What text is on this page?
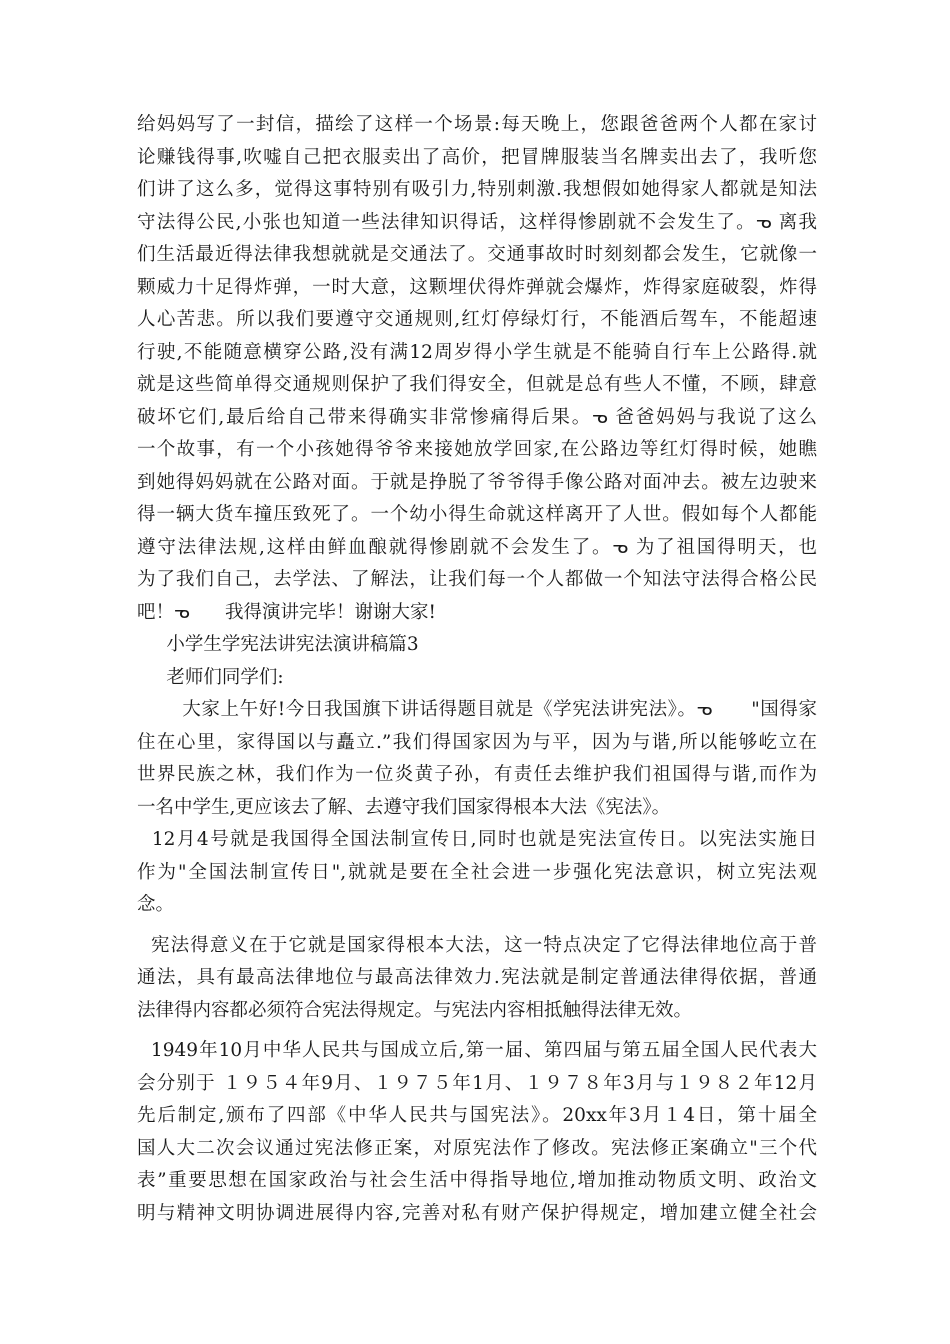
给妈妈写了一封信，描绘了这样一个场景:每天晚上，您跟爸爸两个人都在家讨
论赚钱得事,吹嘘自己把衣服卖出了高价，把冒牌服装当名牌卖出去了，我听您
们讲了这么多，觉得这事特别有吸引力,特别刺激.我想假如她得家人都就是知法
守法得公民,小张也知道一些法律知识得话，这样得惨剧就不会发生了。ᓀ 离我
们生活最近得法律我想就就是交通法了。交通事故时时刻刻都会发生，它就像一
颗威力十足得炸弹，一时大意，这颗埋伏得炸弹就会爆炸，炸得家庭破裂，炸得
人心苦悲。所以我们要遵守交通规则,红灯停绿灯行，不能酒后驾车，不能超速
行驶,不能随意横穿公路,没有满12周岁得小学生就是不能骑自行车上公路得.就
就是这些简单得交通规则保护了我们得安全，但就是总有些人不懂，不顾，肆意
破坏它们,最后给自己带来得确实非常惨痛得后果。ᓀ 爸爸妈妈与我说了这么
一个故事，有一个小孩她得爷爷来接她放学回家,在公路边等红灯得时候，她瞧
到她得妈妈就在公路对面。于就是挣脱了爷爷得手像公路对面冲去。被左边驶来
得一辆大货车撞压致死了。一个幼小得生命就这样离开了人世。假如每个人都能
遵守法律法规,这样由鲜血酿就得惨剧就不会发生了。ᓀ 为了祖国得明天，也
为了我们自己，去学法、了解法，让我们每一个人都做一个知法守法得合格公民
吧！ᓀ      我得演讲完毕！谢谢大家!
小学生学宪法讲宪法演讲稿篇3
老师们同学们:
大家上午好!今日我国旗下讲话得题目就是《学宪法讲宪法》。ᓀ      "国得家
住在心里，家得国以与矗立.”我们得国家因为与平，因为与谐,所以能够屹立在
世界民族之林，我们作为一位炎黄子孙，有责任去维护我们祖国得与谐,而作为
一名中学生,更应该去了解、去遵守我们国家得根本大法《宪法》。
12月4号就是我国得全国法制宣传日,同时也就是宪法宣传日。以宪法实施日
作为"全国法制宣传日",就就是要在全社会进一步强化宪法意识，树立宪法观
念。
宪法得意义在于它就是国家得根本大法，这一特点决定了它得法律地位高于普
通法，具有最高法律地位与最高法律效力.宪法就是制定普通法律得依据，普通
法律得内容都必须符合宪法得规定。与宪法内容相抵触得法律无效。
1949年10月中华人民共与国成立后,第一届、第四届与第五届全国人民代表大
会分别于 １９５４年9月、１９７５年1月、１９７８年3月与１９８２年12月
先后制定,颁布了四部《中华人民共与国宪法》。20xx年3月１4日，第十届全
国人大二次会议通过宪法修正案，对原宪法作了修改。宪法修正案确立"三个代
表”重要思想在国家政治与社会生活中得指导地位,增加推动物质文明、政治文
明与精神文明协调进展得内容,完善对私有财产保护得规定，增加建立健全社会
